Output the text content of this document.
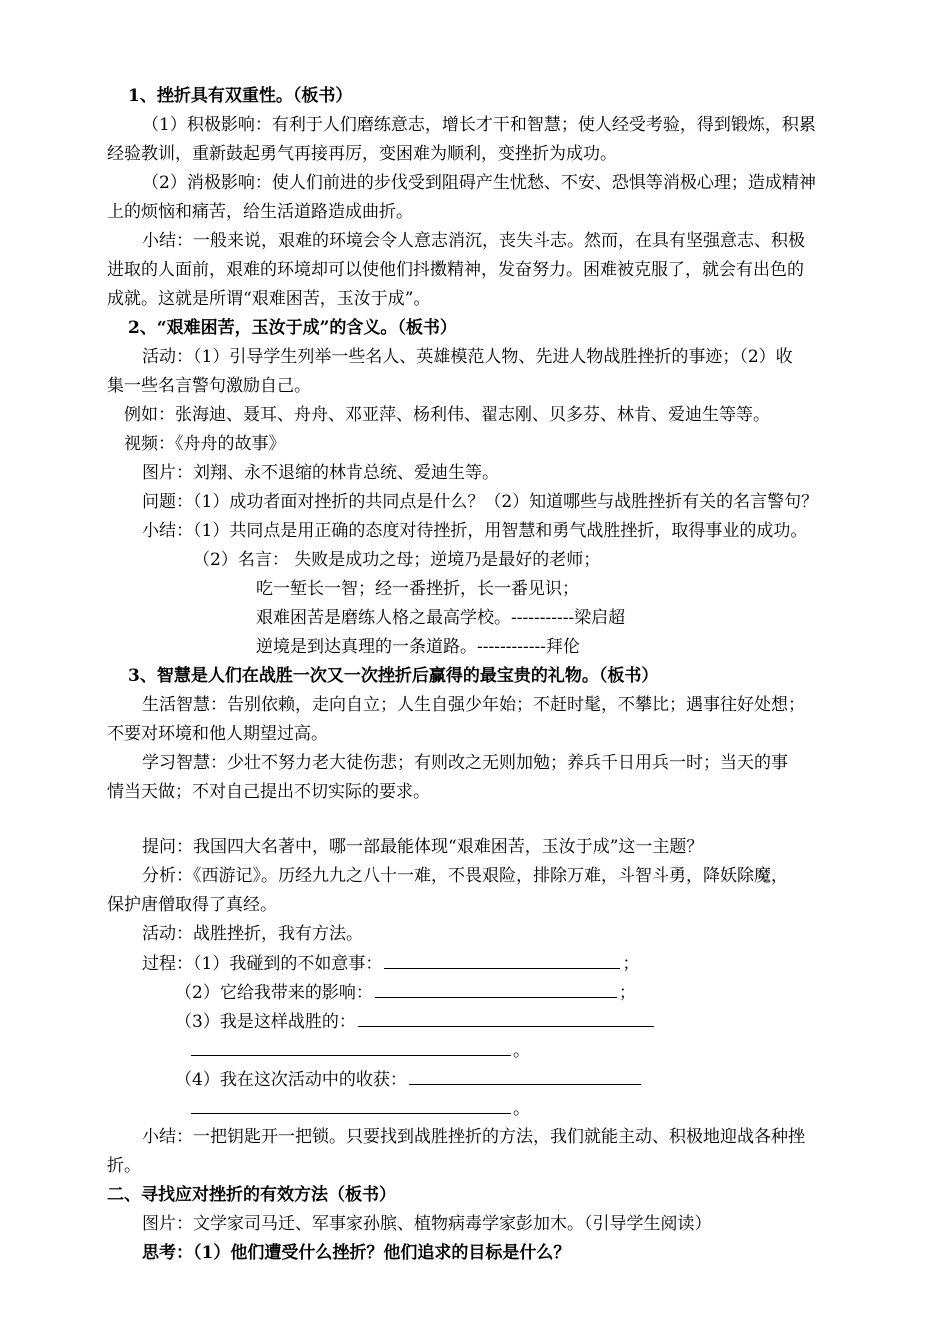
1、挫折具有双重性。（板书）
（1）积极影响：有利于人们磨练意志，增长才干和智慧；使人经受考验，得到锻炼，积累
经验教训，重新鼓起勇气再接再厉，变困难为顺利，变挫折为成功。
（2）消极影响：使人们前进的步伐受到阻碍产生忧愁、不安、恐惧等消极心理；造成精神
上的烦恼和痛苦，给生活道路造成曲折。
小结：一般来说，艰难的环境会令人意志消沉，丧失斗志。然而，在具有坚强意志、积极
进取的人面前，艰难的环境却可以使他们抖擞精神，发奋努力。困难被克服了，就会有出色的
成就。这就是所谓“艰难困苦，玉汝于成”。
2、“艰难困苦，玉汝于成”的含义。（板书）
活动：（1）引导学生列举一些名人、英雄模范人物、先进人物战胜挫折的事迹；（2）收
集一些名言警句激励自己。
例如：张海迪、聂耳、舟舟、邓亚萍、杨利伟、翟志刚、贝多芬、林肯、爱迪生等等。
视频：《舟舟的故事》
图片：刘翔、永不退缩的林肯总统、爱迪生等。
问题：（1）成功者面对挫折的共同点是什么？（2）知道哪些与战胜挫折有关的名言警句？
小结：（1）共同点是用正确的态度对待挫折，用智慧和勇气战胜挫折，取得事业的成功。
（2）名言： 失败是成功之母；逆境乃是最好的老师；
吃一堑长一智；经一番挫折，长一番见识；
艰难困苦是磨练人格之最高学校。-----------梁启超
逆境是到达真理的一条道路。------------拜伦
3、智慧是人们在战胜一次又一次挫折后赢得的最宝贵的礼物。（板书）
生活智慧：告别依赖，走向自立；人生自强少年始；不赶时髦，不攀比；遇事往好处想；
不要对环境和他人期望过高。
学习智慧：少壮不努力老大徒伤悲；有则改之无则加勉；养兵千日用兵一时；当天的事
情当天做；不对自己提出不切实际的要求。
提问：我国四大名著中，哪一部最能体现“艰难困苦，玉汝于成”这一主题？
分析：《西游记》。历经九九之八十一难，不畏艰险，排除万难，斗智斗勇，降妖除魔，
保护唐僧取得了真经。
活动：战胜挫折，我有方法。
过程：（1）我碰到的不如意事：	；
（2）它给我带来的影响：	；
（3）我是这样战胜的：
。
（4）我在这次活动中的收获：
。
小结：一把钥匙开一把锁。只要找到战胜挫折的方法，我们就能主动、积极地迎战各种挫
折。
二、寻找应对挫折的有效方法（板书）
图片：文学家司马迁、军事家孙膑、植物病毒学家彭加木。（引导学生阅读）
思考：（1）他们遭受什么挫折？他们追求的目标是什么？
